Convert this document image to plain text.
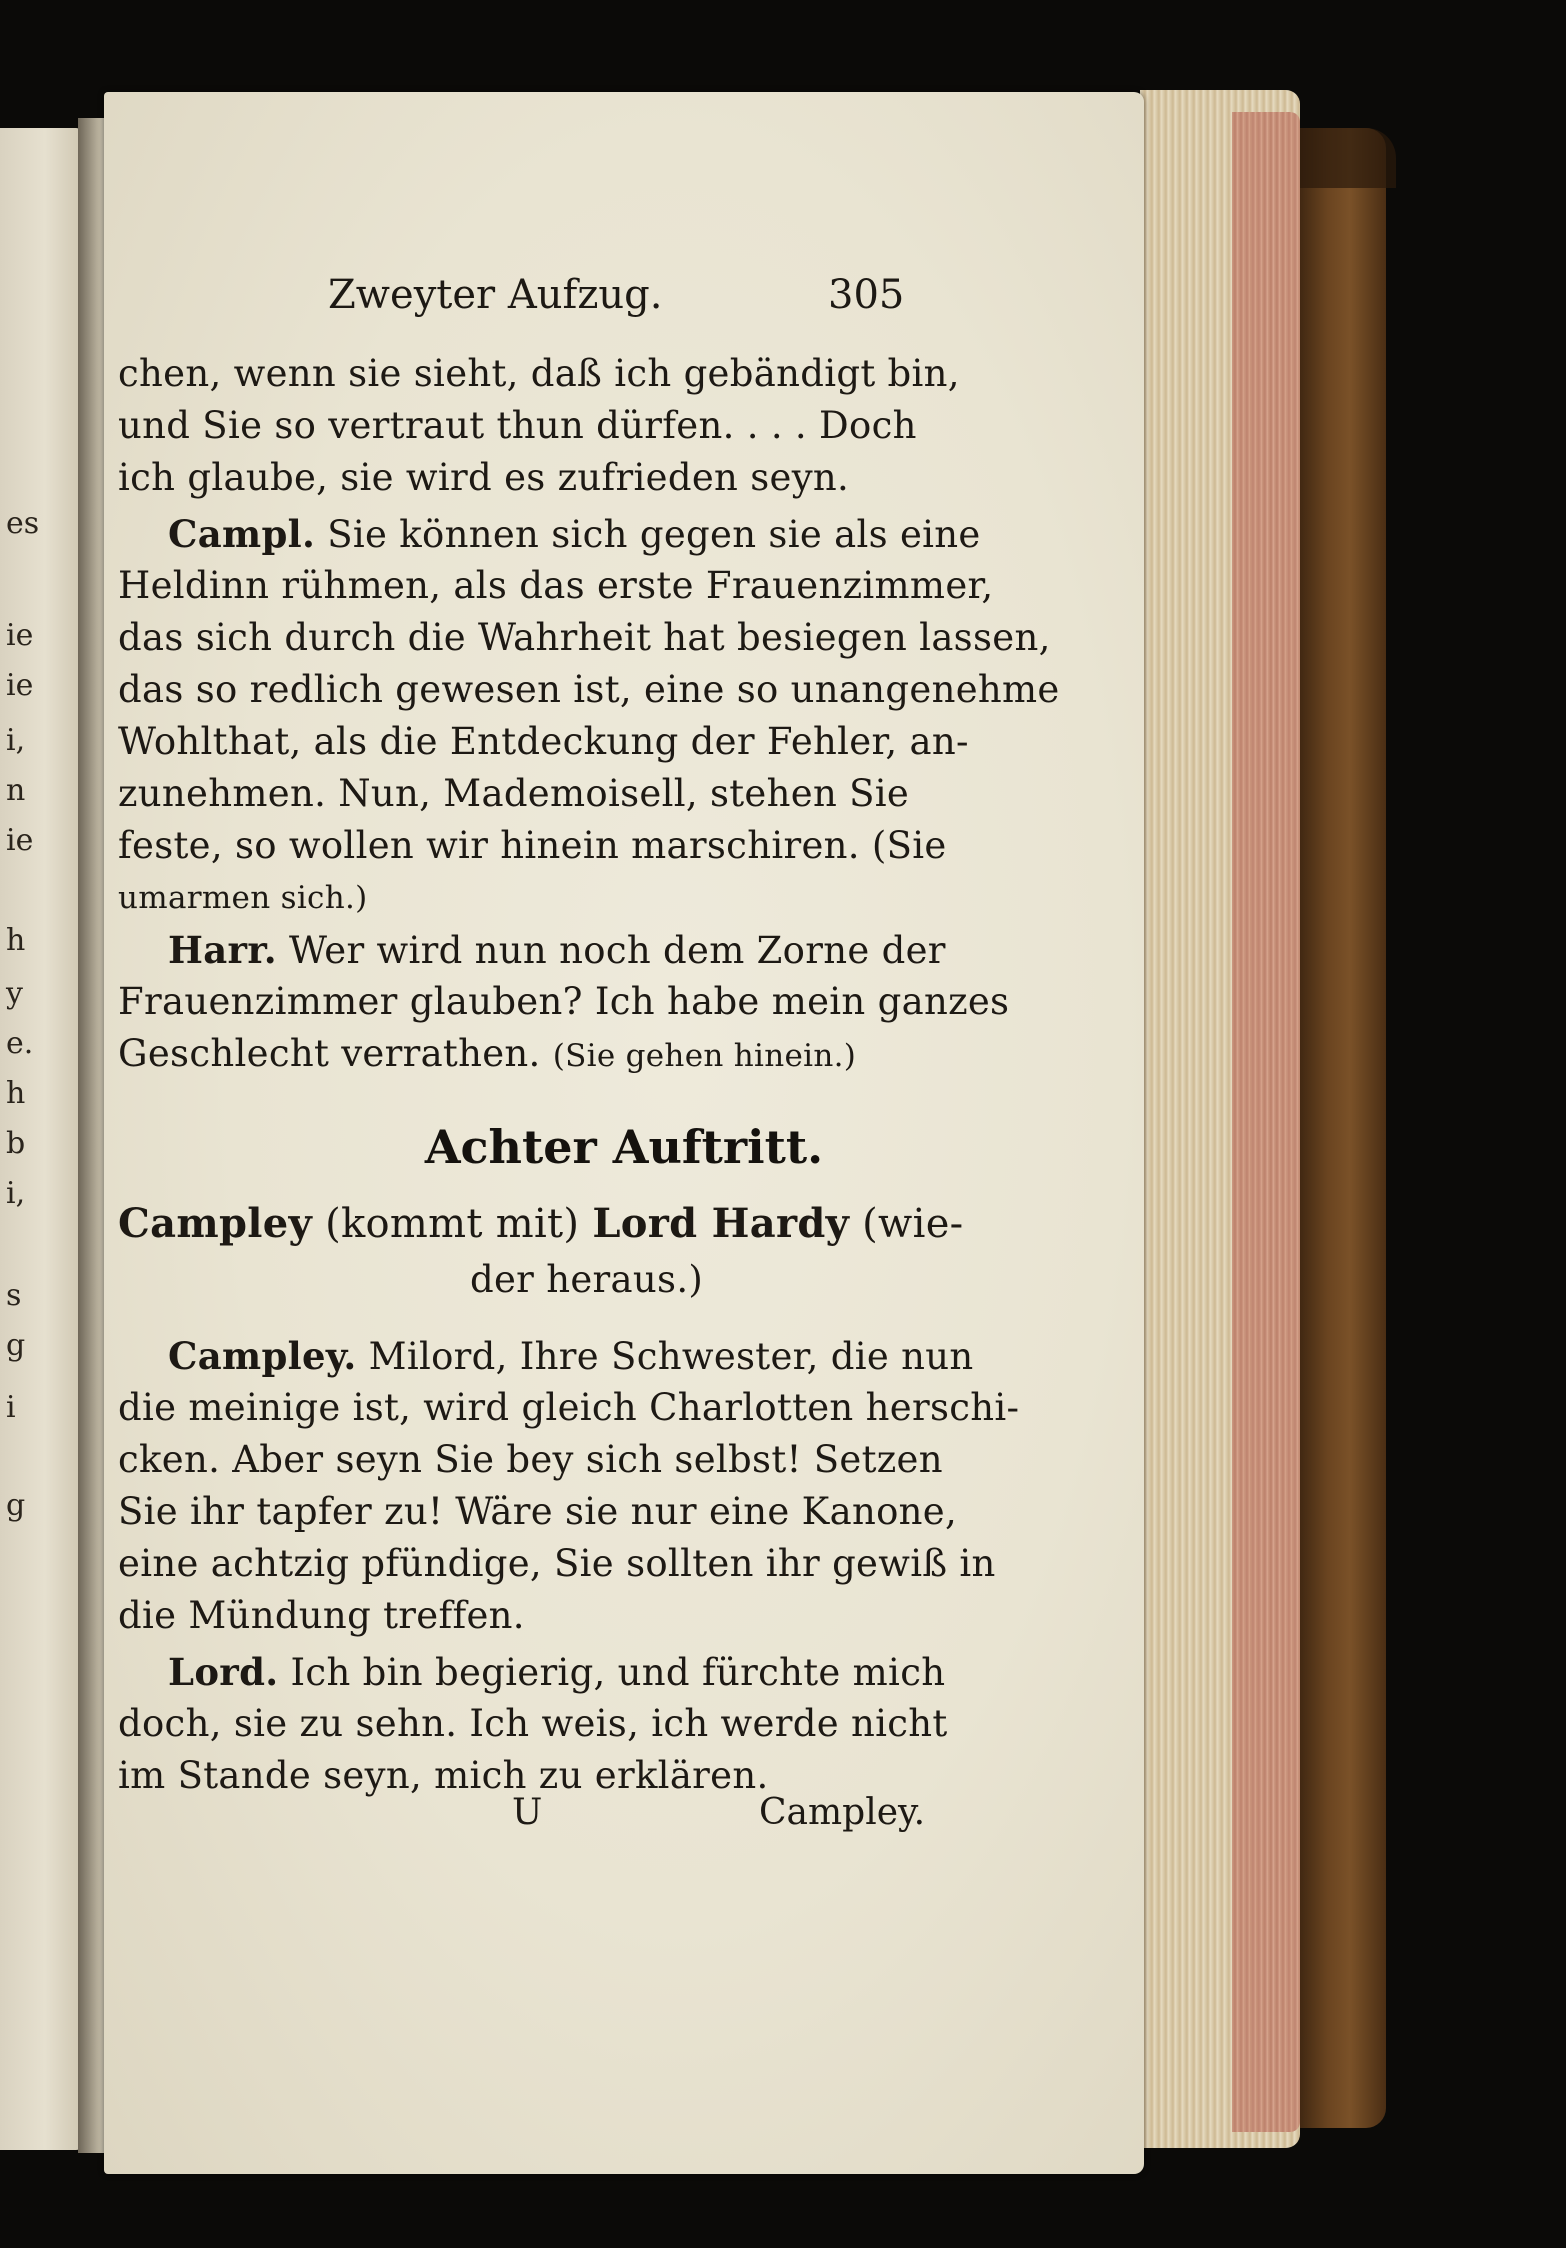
es
ie
ie
i,
n
ie
h
y
e.
h
b
i,
s
g
i
g
Zweyter Aufzug.	305
chen, wenn sie sieht, daß ich gebändigt bin,
und Sie so vertraut thun dürfen. . . . Doch
ich glaube, sie wird es zufrieden seyn.
Campl. Sie können sich gegen sie als eine
Heldinn rühmen, als das erste Frauenzimmer,
das sich durch die Wahrheit hat besiegen lassen,
das so redlich gewesen ist, eine so unangenehme
Wohlthat, als die Entdeckung der Fehler, an-
zunehmen. Nun, Mademoisell, stehen Sie
feste, so wollen wir hinein marschiren. (Sie
umarmen sich.)
Harr. Wer wird nun noch dem Zorne der
Frauenzimmer glauben? Ich habe mein ganzes
Geschlecht verrathen. (Sie gehen hinein.)
Achter Auftritt.
Campley (kommt mit) Lord Hardy (wie-
der heraus.)
Campley. Milord, Ihre Schwester, die nun
die meinige ist, wird gleich Charlotten herschi-
cken. Aber seyn Sie bey sich selbst! Setzen
Sie ihr tapfer zu! Wäre sie nur eine Kanone,
eine achtzig pfündige, Sie sollten ihr gewiß in
die Mündung treffen.
Lord. Ich bin begierig, und fürchte mich
doch, sie zu sehn. Ich weis, ich werde nicht
im Stande seyn, mich zu erklären.
U	Campley.
